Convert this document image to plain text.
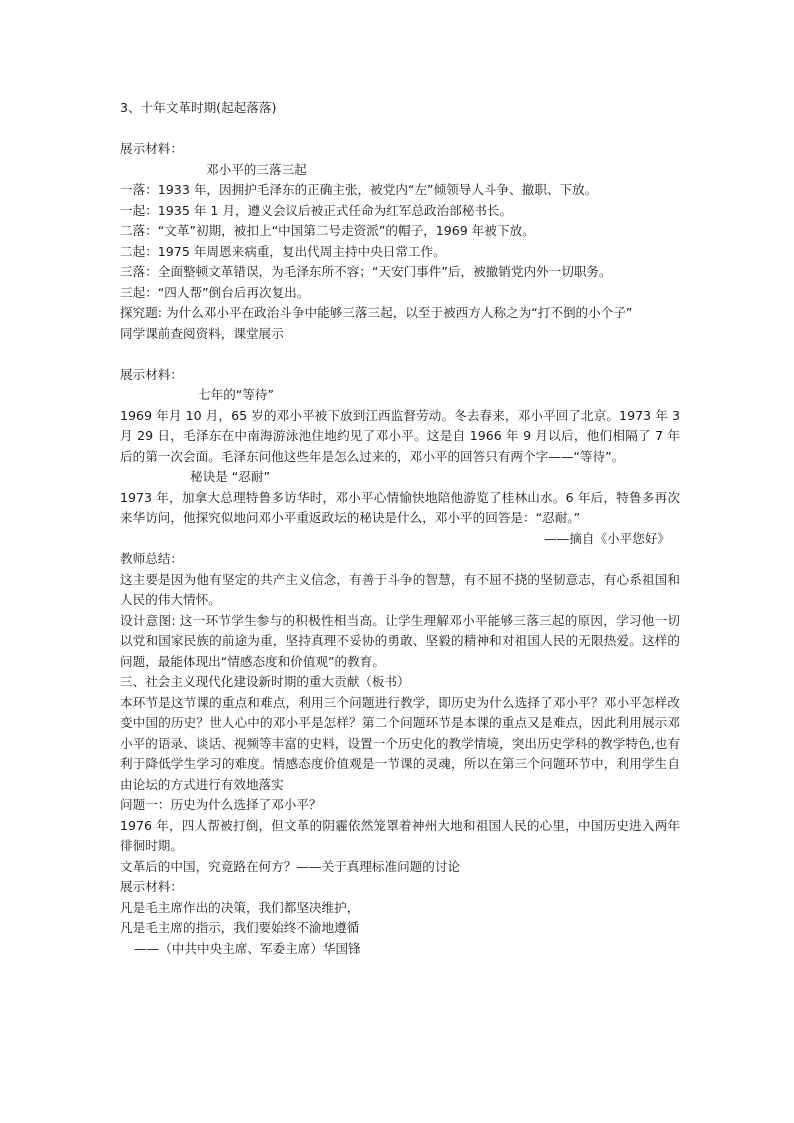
3、十年文革时期(起起落落)
展示材料：
邓小平的三落三起
一落：1933 年，因拥护毛泽东的正确主张，被党内“左”倾领导人斗争、撤职、下放。
一起：1935 年 1 月，遵义会议后被正式任命为红军总政治部秘书长。
二落：“文革”初期，被扣上“中国第二号走资派”的帽子，1969 年被下放。
二起：1975 年周恩来病重，复出代周主持中央日常工作。
三落：全面整顿文革错误，为毛泽东所不容；“天安门事件”后，被撤销党内外一切职务。
三起：“四人帮”倒台后再次复出。
探究题: 为什么邓小平在政治斗争中能够三落三起，以至于被西方人称之为“打不倒的小个子”
同学课前查阅资料，课堂展示
展示材料：
七年的“等待”
1969 年月 10 月，65 岁的邓小平被下放到江西监督劳动。冬去春来，邓小平回了北京。1973 年 3 月 29 日，毛泽东在中南海游泳池住地约见了邓小平。这是自 1966 年 9 月以后，他们相隔了 7 年后的第一次会面。毛泽东问他这些年是怎么过来的，邓小平的回答只有两个字——“等待”。
秘诀是 “忍耐”
1973 年，加拿大总理特鲁多访华时，邓小平心情愉快地陪他游览了桂林山水。6 年后，特鲁多再次来华访问，他探究似地问邓小平重返政坛的秘诀是什么，邓小平的回答是：“忍耐。”
——摘自《小平您好》
教师总结：
这主要是因为他有坚定的共产主义信念，有善于斗争的智慧，有不屈不挠的坚韧意志，有心系祖国和人民的伟大情怀。
设计意图: 这一环节学生参与的积极性相当高。让学生理解邓小平能够三落三起的原因，学习他一切以党和国家民族的前途为重，坚持真理不妥协的勇敢、坚毅的精神和对祖国人民的无限热爱。这样的问题，最能体现出“情感态度和价值观”的教育。
三、社会主义现代化建设新时期的重大贡献（板书）
本环节是这节课的重点和难点，利用三个问题进行教学，即历史为什么选择了邓小平？邓小平怎样改变中国的历史？世人心中的邓小平是怎样？第二个问题环节是本课的重点又是难点，因此利用展示邓小平的语录、谈话、视频等丰富的史料，设置一个历史化的教学情境，突出历史学科的教学特色,也有利于降低学生学习的难度。情感态度价值观是一节课的灵魂，所以在第三个问题环节中，利用学生自由论坛的方式进行有效地落实
问题一：历史为什么选择了邓小平？
1976 年，四人帮被打倒，但文革的阴霾依然笼罩着神州大地和祖国人民的心里，中国历史进入两年徘徊时期。
文革后的中国，究竟路在何方？——关于真理标准问题的讨论
展示材料：
凡是毛主席作出的决策，我们都坚决维护，
凡是毛主席的指示，我们要始终不渝地遵循
——（中共中央主席、军委主席）华国锋
